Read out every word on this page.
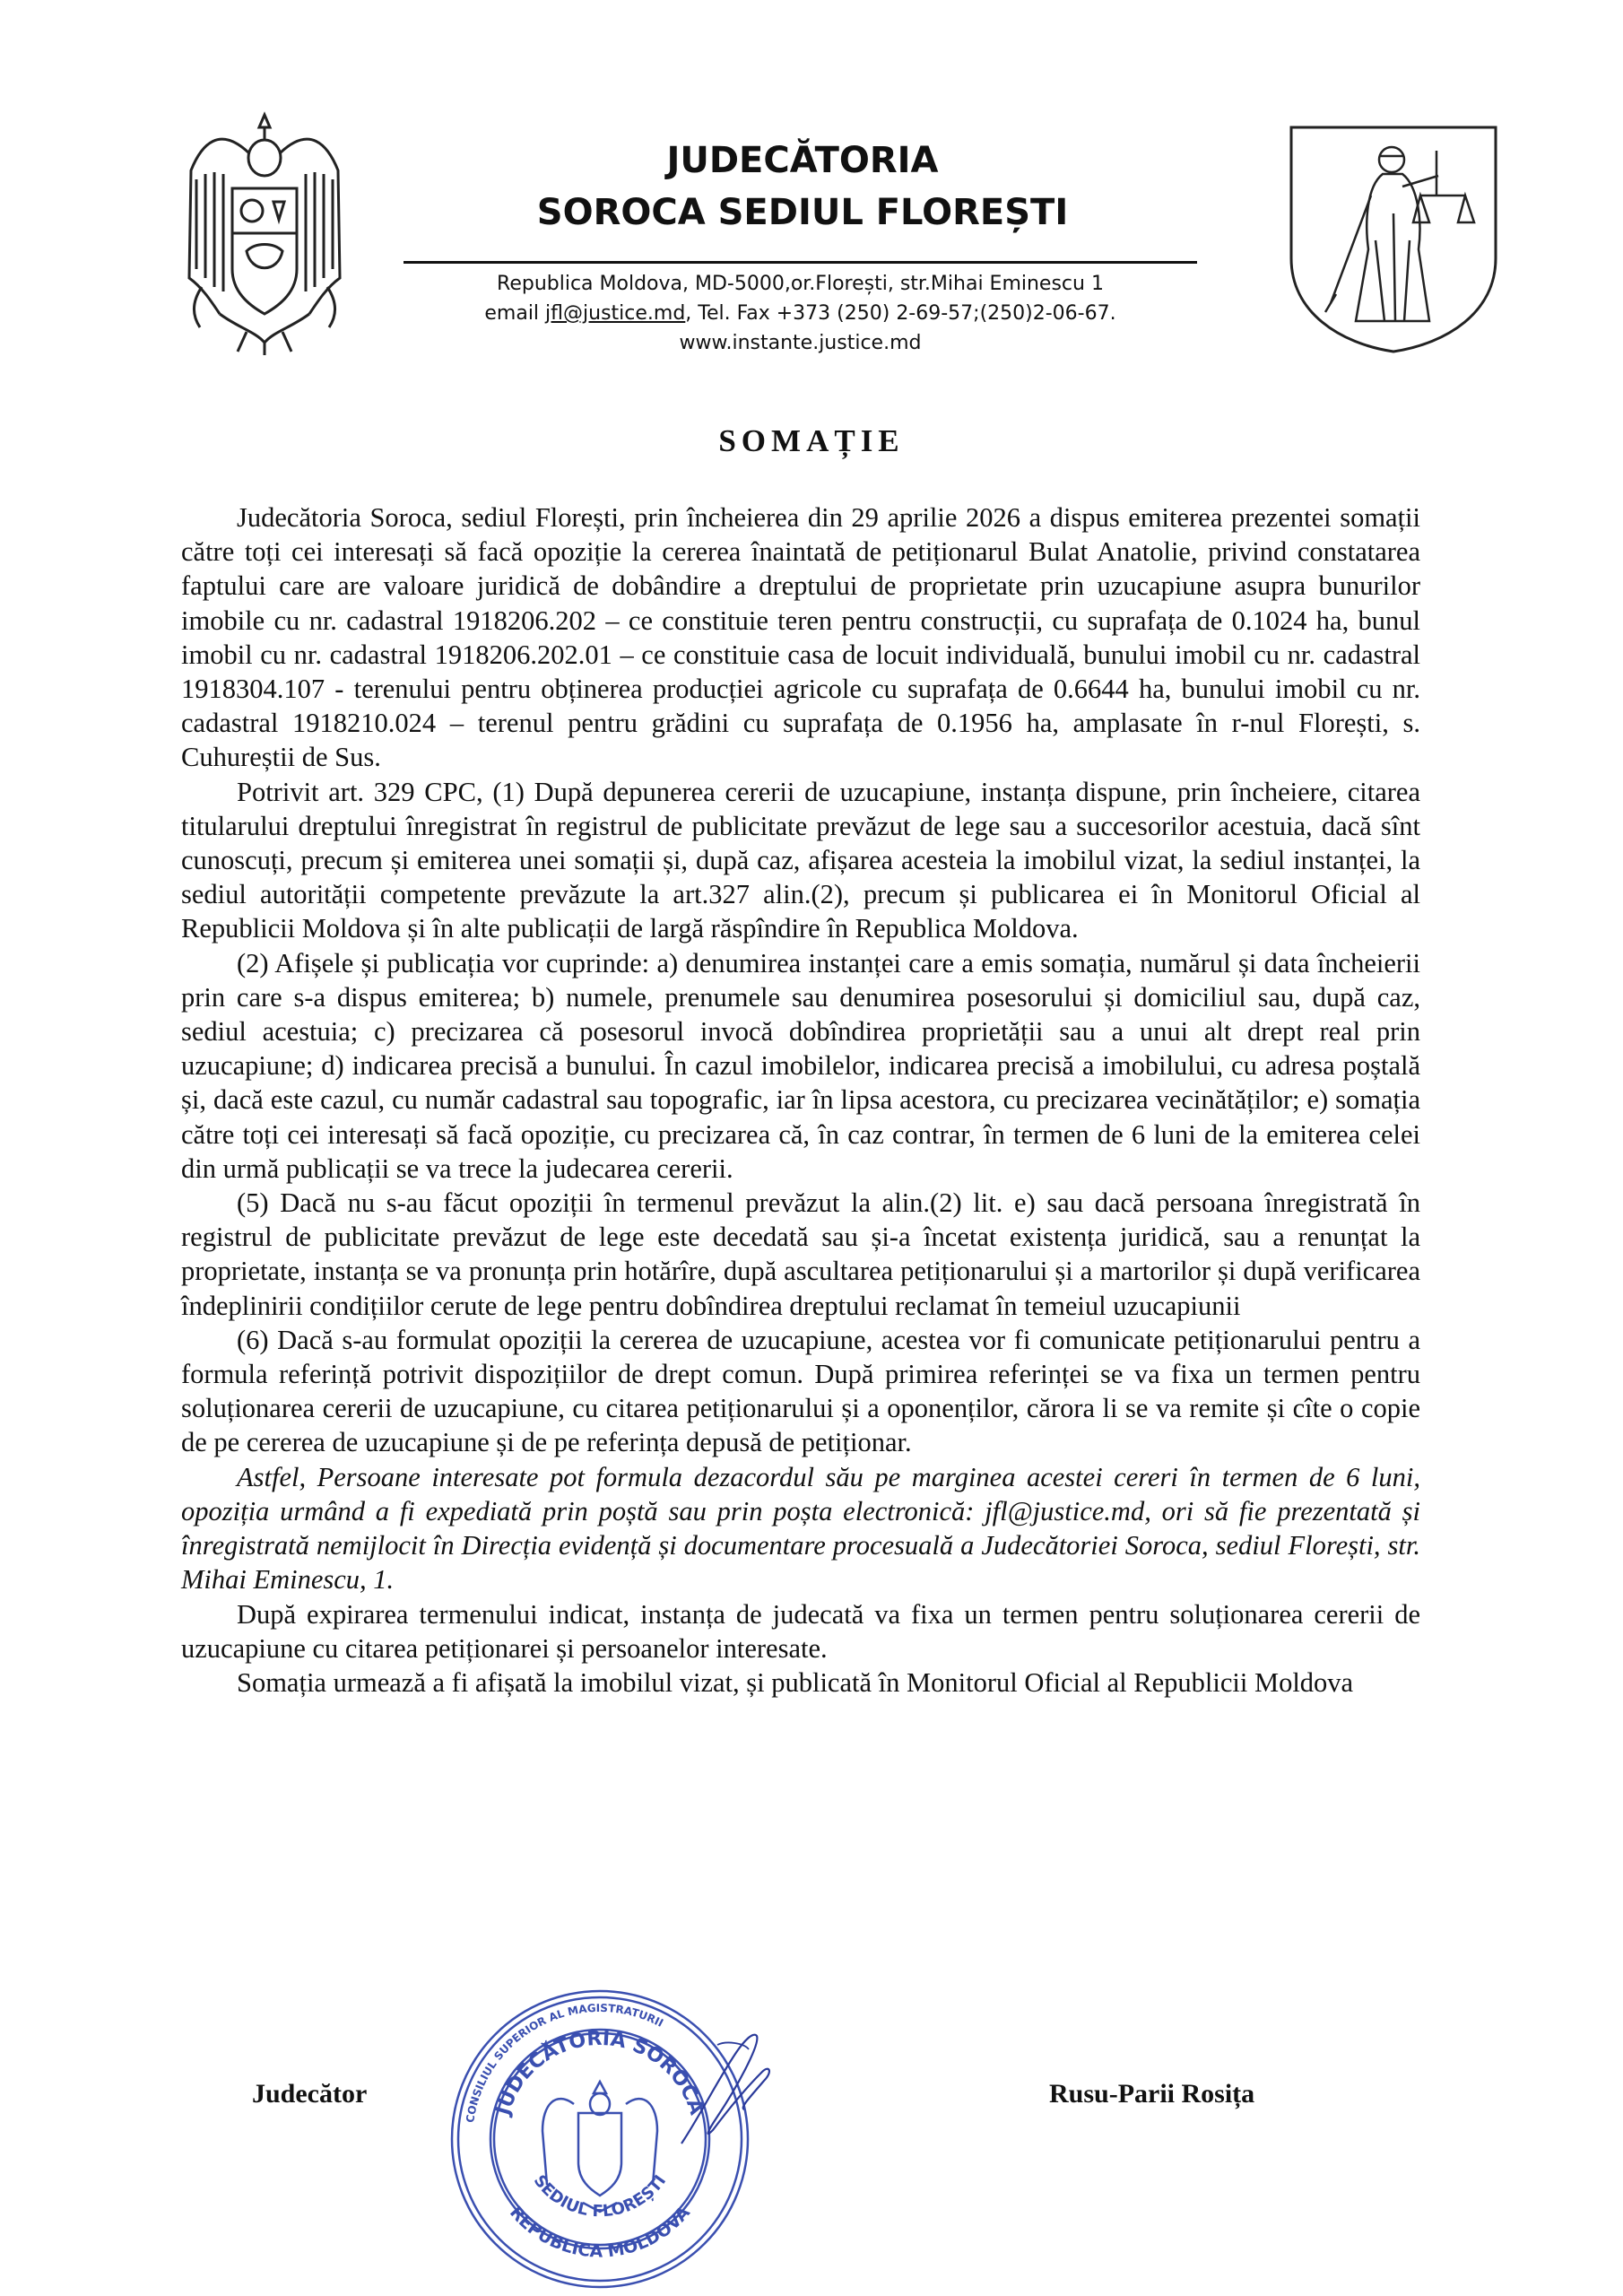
JUDECĂTORIA
SOROCA SEDIUL FLOREȘTI
Republica Moldova, MD-5000,or.Florești, str.Mihai Eminescu 1
email jfl@justice.md, Tel. Fax +373 (250) 2-69-57;(250)2-06-67.
www.instante.justice.md
SOMAȚIE

Judecătoria Soroca, sediul Florești, prin încheierea din 29 aprilie 2026 a dispus emiterea prezentei somații către toți cei interesați să facă opoziție la cererea înaintată de petiționarul Bulat Anatolie, privind constatarea faptului care are valoare juridică de dobândire a dreptului de proprietate prin uzucapiune asupra bunurilor imobile cu nr. cadastral 1918206.202 – ce constituie teren pentru construcții, cu suprafața de 0.1024 ha, bunul imobil cu nr. cadastral 1918206.202.01 – ce constituie casa de locuit individuală, bunului imobil cu nr. cadastral 1918304.107 - terenului pentru obținerea producției agricole cu suprafața de 0.6644 ha, bunului imobil cu nr. cadastral 1918210.024 – terenul pentru grădini cu suprafața de 0.1956 ha, amplasate în r-nul Florești, s. Cuhureștii de Sus.

Potrivit art. 329 CPC, (1) După depunerea cererii de uzucapiune, instanța dispune, prin încheiere, citarea titularului dreptului înregistrat în registrul de publicitate prevăzut de lege sau a succesorilor acestuia, dacă sînt cunoscuți, precum și emiterea unei somații și, după caz, afișarea acesteia la imobilul vizat, la sediul instanței, la sediul autorității competente prevăzute la art.327 alin.(2), precum și publicarea ei în Monitorul Oficial al Republicii Moldova și în alte publicații de largă răspîndire în Republica Moldova.

(2) Afișele și publicația vor cuprinde: a) denumirea instanței care a emis somația, numărul și data încheierii prin care s-a dispus emiterea; b) numele, prenumele sau denumirea posesorului și domiciliul sau, după caz, sediul acestuia; c) precizarea că posesorul invocă dobîndirea proprietății sau a unui alt drept real prin uzucapiune; d) indicarea precisă a bunului. În cazul imobilelor, indicarea precisă a imobilului, cu adresa poștală și, dacă este cazul, cu număr cadastral sau topografic, iar în lipsa acestora, cu precizarea vecinătăților; e) somația către toți cei interesați să facă opoziție, cu precizarea că, în caz contrar, în termen de 6 luni de la emiterea celei din urmă publicații se va trece la judecarea cererii.

(5) Dacă nu s-au făcut opoziții în termenul prevăzut la alin.(2) lit. e) sau dacă persoana înregistrată în registrul de publicitate prevăzut de lege este decedată sau și-a încetat existența juridică, sau a renunțat la proprietate, instanța se va pronunța prin hotărîre, după ascultarea petiționarului și a martorilor și după verificarea îndeplinirii condițiilor cerute de lege pentru dobîndirea dreptului reclamat în temeiul uzucapiunii

(6) Dacă s-au formulat opoziții la cererea de uzucapiune, acestea vor fi comunicate petiționarului pentru a formula referință potrivit dispozițiilor de drept comun. După primirea referinței se va fixa un termen pentru soluționarea cererii de uzucapiune, cu citarea petiționarului și a oponenților, cărora li se va remite și cîte o copie de pe cererea de uzucapiune și de pe referința depusă de petiționar.

Astfel, Persoane interesate pot formula dezacordul său pe marginea acestei cereri în termen de 6 luni, opoziția urmând a fi expediată prin poștă sau prin poșta electronică: jfl@justice.md, ori să fie prezentată și înregistrată nemijlocit în Direcția evidență și documentare procesuală a Judecătoriei Soroca, sediul Florești, str. Mihai Eminescu, 1.

După expirarea termenului indicat, instanța de judecată va fixa un termen pentru soluționarea cererii de uzucapiune cu citarea petiționarei și persoanelor interesate.

Somația urmează a fi afișată la imobilul vizat, și publicată în Monitorul Oficial al Republicii Moldova

CONSILIUL SUPERIOR AL MAGISTRATURII
JUDECĂTORIA SOROCA
SEDIUL FLOREȘTI
REPUBLICA MOLDOVA
Judecător	Rusu-Parii Rosița
